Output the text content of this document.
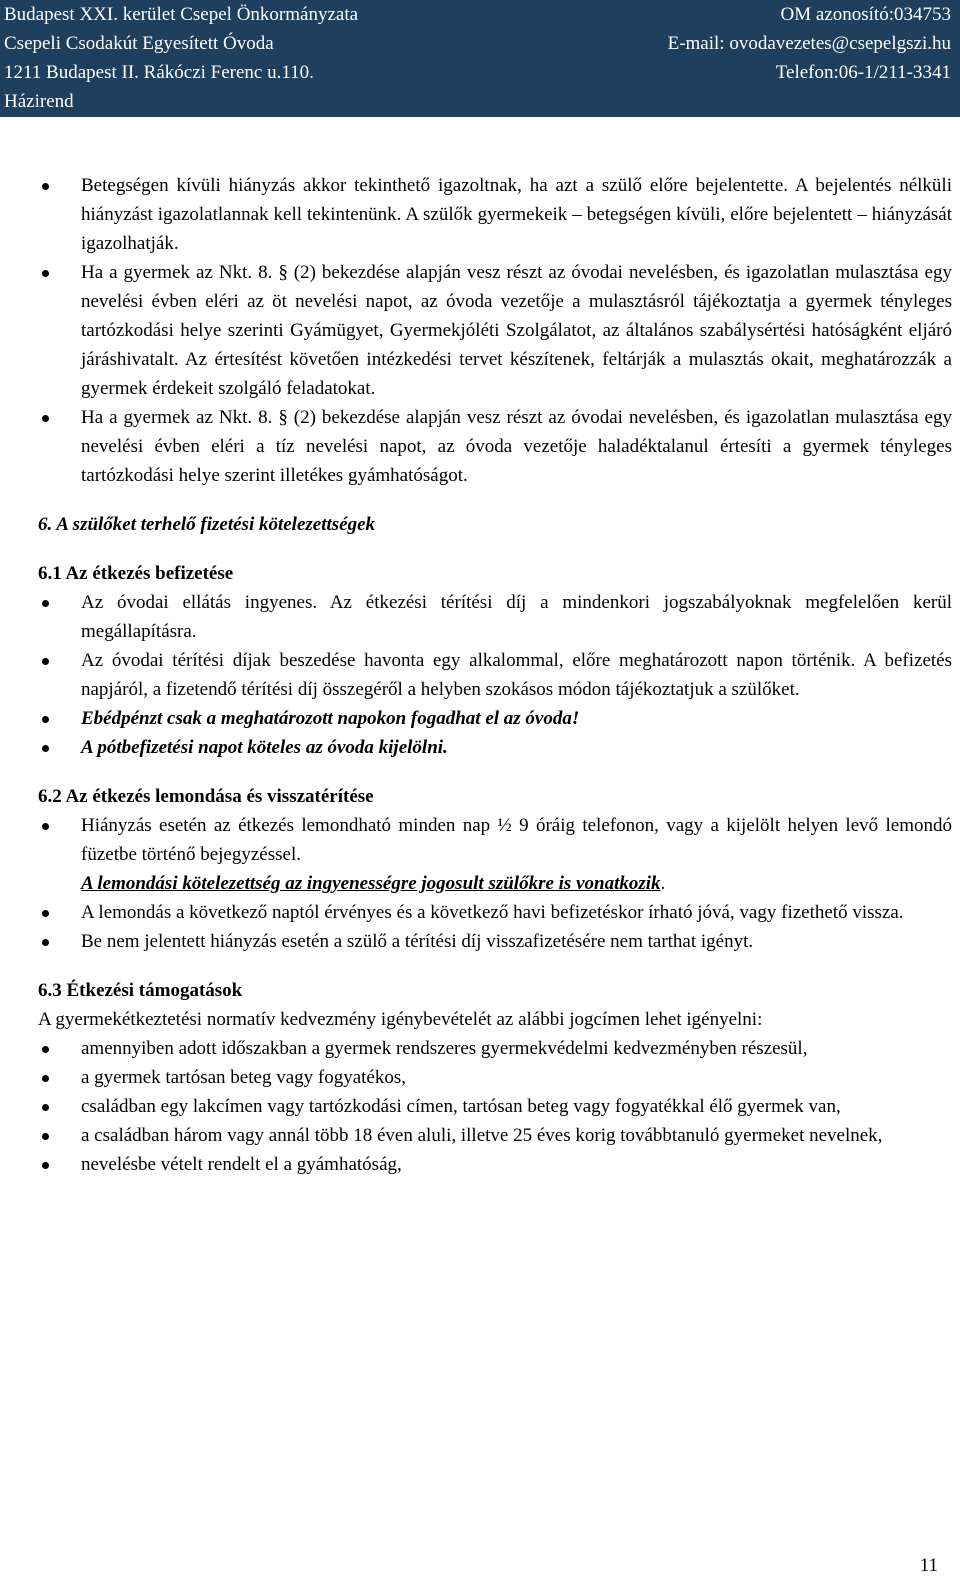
Budapest XXI. kerület Csepel Önkormányzata	OM azonosító:034753
Csepeli Csodakút Egyesített Óvoda	E-mail: ovodavezetes@csepelgszi.hu
1211 Budapest II. Rákóczi Ferenc u.110.	Telefon:06-1/211-3341
Házirend
Betegségen kívüli hiányzás akkor tekinthető igazoltnak, ha azt a szülő előre bejelentette. A bejelentés nélküli hiányzást igazolatlannak kell tekintenünk. A szülők gyermekeik – betegségen kívüli, előre bejelentett – hiányzását igazolhatják.
Ha a gyermek az Nkt. 8. § (2) bekezdése alapján vesz részt az óvodai nevelésben, és igazolatlan mulasztása egy nevelési évben eléri az öt nevelési napot, az óvoda vezetője a mulasztásról tájékoztatja a gyermek tényleges tartózkodási helye szerinti Gyámügyet, Gyermekjóléti Szolgálatot, az általános szabálysértési hatóságként eljáró járáshivatalt. Az értesítést követően intézkedési tervet készítenek, feltárják a mulasztás okait, meghatározzák a gyermek érdekeit szolgáló feladatokat.
Ha a gyermek az Nkt. 8. § (2) bekezdése alapján vesz részt az óvodai nevelésben, és igazolatlan mulasztása egy nevelési évben eléri a tíz nevelési napot, az óvoda vezetője haladéktalanul értesíti a gyermek tényleges tartózkodási helye szerint illetékes gyámhatóságot.

6. A szülőket terhelő fizetési kötelezettségek

6.1 Az étkezés befizetése

Az óvodai ellátás ingyenes. Az étkezési térítési díj a mindenkori jogszabályoknak megfelelően kerül megállapításra.
Az óvodai térítési díjak beszedése havonta egy alkalommal, előre meghatározott napon történik. A befizetés napjáról, a fizetendő térítési díj összegéről a helyben szokásos módon tájékoztatjuk a szülőket.
Ebédpénzt csak a meghatározott napokon fogadhat el az óvoda!
A pótbefizetési napot köteles az óvoda kijelölni.

6.2 Az étkezés lemondása és visszatérítése

Hiányzás esetén az étkezés lemondható minden nap ½ 9 óráig telefonon, vagy a kijelölt helyen levő lemondó füzetbe történő bejegyzéssel.
A lemondási kötelezettség az ingyenességre jogosult szülőkre is vonatkozik.
A lemondás a következő naptól érvényes és a következő havi befizetéskor írható jóvá, vagy fizethető vissza.
Be nem jelentett hiányzás esetén a szülő a térítési díj visszafizetésére nem tarthat igényt.

6.3 Étkezési támogatások

A gyermekétkeztetési normatív kedvezmény igénybevételét az alábbi jogcímen lehet igényelni:

amennyiben adott időszakban a gyermek rendszeres gyermekvédelmi kedvezményben részesül,
a gyermek tartósan beteg vagy fogyatékos,
családban egy lakcímen vagy tartózkodási címen, tartósan beteg vagy fogyatékkal élő gyermek van,
a családban három vagy annál több 18 éven aluli, illetve 25 éves korig továbbtanuló gyermeket nevelnek,
nevelésbe vételt rendelt el a gyámhatóság,
11
